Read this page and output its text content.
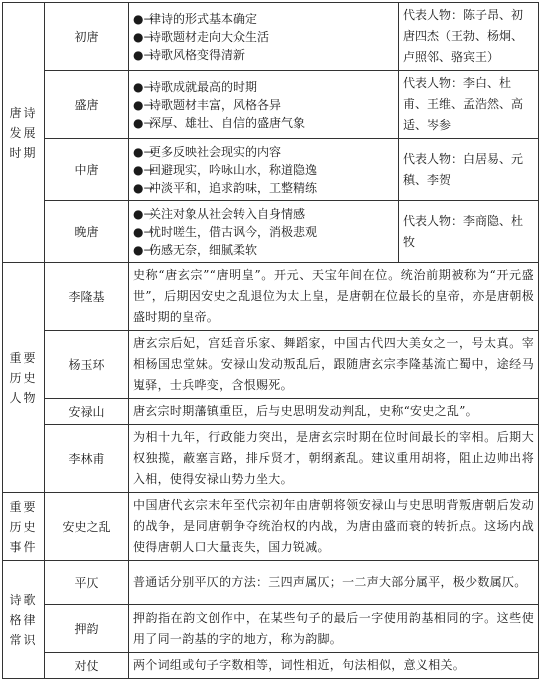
唐诗发展时期	初唐	●→律诗的形式基本确定
●→诗歌题材走向大众生活
●→诗歌风格变得清新	代表人物：陈子昂、初唐四杰（王勃、杨炯、卢照邻、骆宾王）
	盛唐	●→诗歌成就最高的时期
●→诗歌题材丰富，风格各异
●→深厚、雄壮、自信的盛唐气象	代表人物：李白、杜甫、王维、孟浩然、高适、岑参
	中唐	●→更多反映社会现实的内容
●→回避现实，吟咏山水，称道隐逸
●→冲淡平和，追求韵味，工整精练	代表人物：白居易、元稹、李贺
	晚唐	●→关注对象从社会转入自身情感
●→忧时嗟生，借古讽今，消极悲观
●→伤感无奈，细腻柔软	代表人物：李商隐、杜牧
重要历史人物	李隆基	史称“唐玄宗”“唐明皇”。开元、天宝年间在位。统治前期被称为“开元盛世”，后期因安史之乱退位为太上皇，是唐朝在位最长的皇帝，亦是唐朝极盛时期的皇帝。	
	杨玉环	唐玄宗后妃，宫廷音乐家、舞蹈家，中国古代四大美女之一，号太真。宰相杨国忠堂妹。安禄山发动叛乱后，跟随唐玄宗李隆基流亡蜀中，途经马嵬驿，士兵哗变，含恨赐死。	
	安禄山	唐玄宗时期藩镇重臣，后与史思明发动判乱，史称“安史之乱”。	
	李林甫	为相十九年，行政能力突出，是唐玄宗时期在位时间最长的宰相。后期大权独揽，蔽塞言路，排斥贤才，朝纲紊乱。建议重用胡将，阻止边帅出将入相，使得安禄山势力坐大。	
重要历史事件	安史之乱	中国唐代玄宗末年至代宗初年由唐朝将领安禄山与史思明背叛唐朝后发动的战争，是同唐朝争夺统治权的内战，为唐由盛而衰的转折点。这场内战使得唐朝人口大量丧失，国力锐减。	
诗歌格律常识	平仄	普通话分别平仄的方法：三四声属仄；一二声大部分属平，极少数属仄。	
	押韵	押韵指在韵文创作中，在某些句子的最后一字使用韵基相同的字。这些使用了同一韵基的字的地方，称为韵脚。	
	对仗	两个词组或句子字数相等，词性相近，句法相似，意义相关。	
